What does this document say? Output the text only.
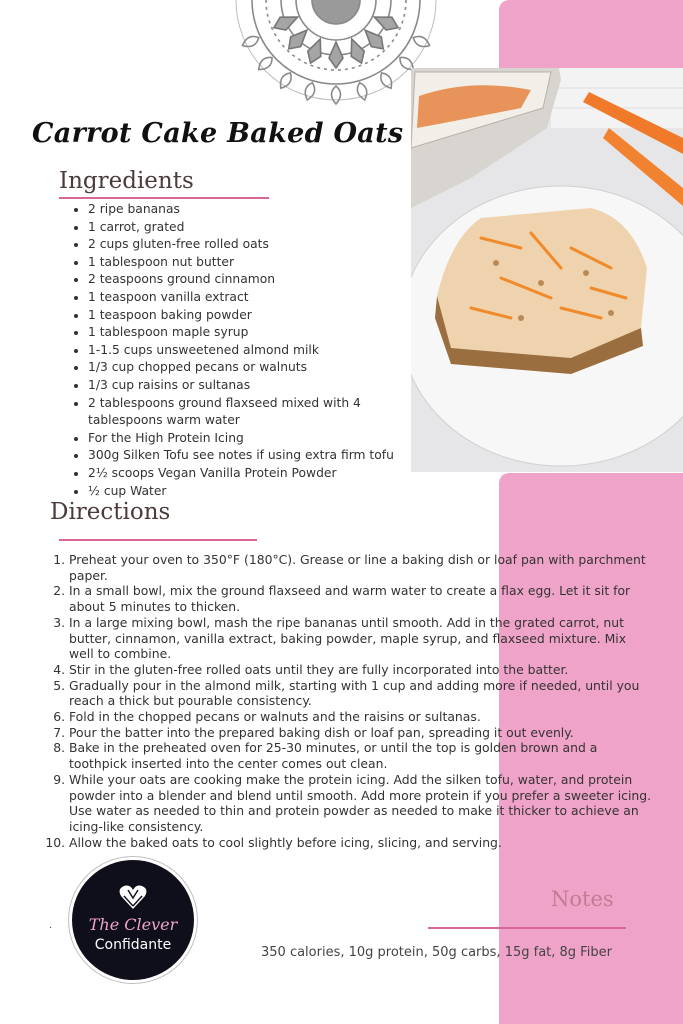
Carrot Cake Baked Oats
Ingredients
• 2 ripe bananas
• 1 carrot, grated
• 2 cups gluten-free rolled oats
• 1 tablespoon nut butter
• 2 teaspoons ground cinnamon
• 1 teaspoon vanilla extract
• 1 teaspoon baking powder
• 1 tablespoon maple syrup
• 1-1.5 cups unsweetened almond milk
• 1/3 cup chopped pecans or walnuts
• 1/3 cup raisins or sultanas
• 2 tablespoons ground flaxseed mixed with 4 tablespoons warm water
• For the High Protein Icing
• 300g Silken Tofu see notes if using extra firm tofu
• 2½ scoops Vegan Vanilla Protein Powder
• ½ cup Water
Directions
1. Preheat your oven to 350°F (180°C). Grease or line a baking dish or loaf pan with parchment paper.
2. In a small bowl, mix the ground flaxseed and warm water to create a flax egg. Let it sit for about 5 minutes to thicken.
3. In a large mixing bowl, mash the ripe bananas until smooth. Add in the grated carrot, nut butter, cinnamon, vanilla extract, baking powder, maple syrup, and flaxseed mixture. Mix well to combine.
4. Stir in the gluten-free rolled oats until they are fully incorporated into the batter.
5. Gradually pour in the almond milk, starting with 1 cup and adding more if needed, until you reach a thick but pourable consistency.
6. Fold in the chopped pecans or walnuts and the raisins or sultanas.
7. Pour the batter into the prepared baking dish or loaf pan, spreading it out evenly.
8. Bake in the preheated oven for 25-30 minutes, or until the top is golden brown and a toothpick inserted into the center comes out clean.
9. While your oats are cooking make the protein icing. Add the silken tofu, water, and protein powder into a blender and blend until smooth. Add more protein if you prefer a sweeter icing. Use water as needed to thin and protein powder as needed to make it thicker to achieve an icing-like consistency.
10. Allow the baked oats to cool slightly before icing, slicing, and serving.
The Clever
Confidante
.
Notes
350 calories, 10g protein, 50g carbs, 15g fat, 8g Fiber
